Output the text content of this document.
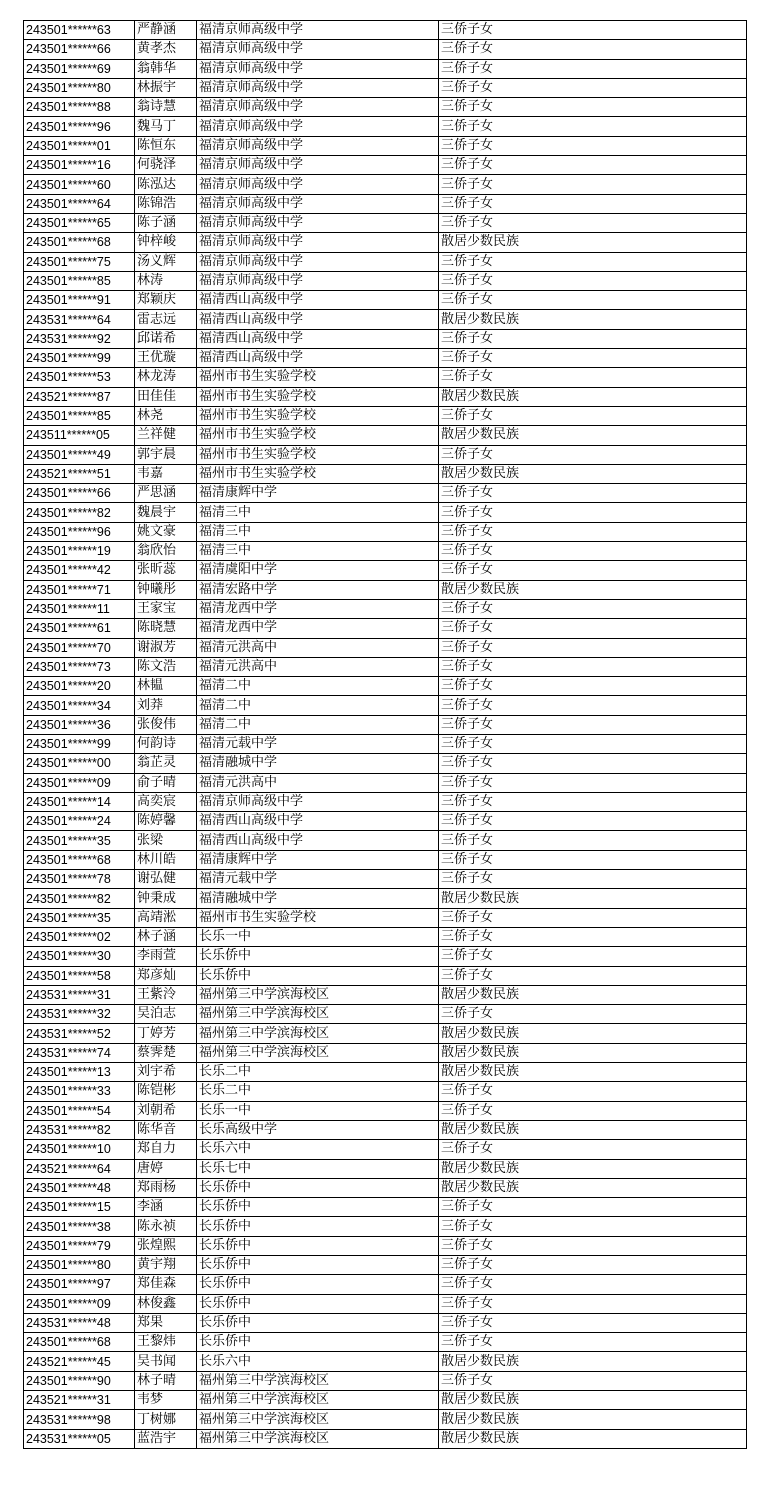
243501******63	严静涵	福清京师高级中学	三侨子女
243501******66	黄孝杰	福清京师高级中学	三侨子女
243501******69	翁韩华	福清京师高级中学	三侨子女
243501******80	林振宇	福清京师高级中学	三侨子女
243501******88	翁诗慧	福清京师高级中学	三侨子女
243501******96	魏马丁	福清京师高级中学	三侨子女
243501******01	陈恒东	福清京师高级中学	三侨子女
243501******16	何骁泽	福清京师高级中学	三侨子女
243501******60	陈泓达	福清京师高级中学	三侨子女
243501******64	陈锦浩	福清京师高级中学	三侨子女
243501******65	陈子涵	福清京师高级中学	三侨子女
243501******68	钟梓峻	福清京师高级中学	散居少数民族
243501******75	汤义辉	福清京师高级中学	三侨子女
243501******85	林涛	福清京师高级中学	三侨子女
243501******91	郑颖庆	福清西山高级中学	三侨子女
243531******64	雷志远	福清西山高级中学	散居少数民族
243531******92	邱诺希	福清西山高级中学	三侨子女
243501******99	王优璇	福清西山高级中学	三侨子女
243501******53	林龙涛	福州市书生实验学校	三侨子女
243521******87	田佳佳	福州市书生实验学校	散居少数民族
243501******85	林尧	福州市书生实验学校	三侨子女
243511******05	兰祥健	福州市书生实验学校	散居少数民族
243501******49	郭宇晨	福州市书生实验学校	三侨子女
243521******51	韦嘉	福州市书生实验学校	散居少数民族
243501******66	严思涵	福清康辉中学	三侨子女
243501******82	魏晨宇	福清三中	三侨子女
243501******96	姚文豪	福清三中	三侨子女
243501******19	翁欣怡	福清三中	三侨子女
243501******42	张昕蕊	福清虞阳中学	三侨子女
243501******71	钟曦彤	福清宏路中学	散居少数民族
243501******11	王家宝	福清龙西中学	三侨子女
243501******61	陈晓慧	福清龙西中学	三侨子女
243501******70	谢淑芳	福清元洪高中	三侨子女
243501******73	陈文浩	福清元洪高中	三侨子女
243501******20	林韫	福清二中	三侨子女
243501******34	刘莽	福清二中	三侨子女
243501******36	张俊伟	福清二中	三侨子女
243501******99	何韵诗	福清元载中学	三侨子女
243501******00	翁芷灵	福清融城中学	三侨子女
243501******09	俞子晴	福清元洪高中	三侨子女
243501******14	高奕宸	福清京师高级中学	三侨子女
243501******24	陈婷馨	福清西山高级中学	三侨子女
243501******35	张梁	福清西山高级中学	三侨子女
243501******68	林川皓	福清康辉中学	三侨子女
243501******78	谢弘健	福清元载中学	三侨子女
243501******82	钟秉成	福清融城中学	散居少数民族
243501******35	高靖淞	福州市书生实验学校	三侨子女
243501******02	林子涵	长乐一中	三侨子女
243501******30	李雨萱	长乐侨中	三侨子女
243501******58	郑彦灿	长乐侨中	三侨子女
243531******31	王紫泠	福州第三中学滨海校区	散居少数民族
243531******32	吴泊志	福州第三中学滨海校区	三侨子女
243531******52	丁婷芳	福州第三中学滨海校区	散居少数民族
243531******74	蔡霁楚	福州第三中学滨海校区	散居少数民族
243501******13	刘宇希	长乐二中	散居少数民族
243501******33	陈铠彬	长乐二中	三侨子女
243501******54	刘朝希	长乐一中	三侨子女
243531******82	陈华音	长乐高级中学	散居少数民族
243501******10	郑自力	长乐六中	三侨子女
243521******64	唐婷	长乐七中	散居少数民族
243501******48	郑雨杨	长乐侨中	散居少数民族
243501******15	李涵	长乐侨中	三侨子女
243501******38	陈永祯	长乐侨中	三侨子女
243501******79	张煌熙	长乐侨中	三侨子女
243501******80	黄宇翔	长乐侨中	三侨子女
243501******97	郑佳森	长乐侨中	三侨子女
243501******09	林俊鑫	长乐侨中	三侨子女
243531******48	郑果	长乐侨中	三侨子女
243501******68	王黎炜	长乐侨中	三侨子女
243521******45	吴书闻	长乐六中	散居少数民族
243501******90	林子晴	福州第三中学滨海校区	三侨子女
243521******31	韦梦	福州第三中学滨海校区	散居少数民族
243531******98	丁树娜	福州第三中学滨海校区	散居少数民族
243531******05	蓝浩宇	福州第三中学滨海校区	散居少数民族
